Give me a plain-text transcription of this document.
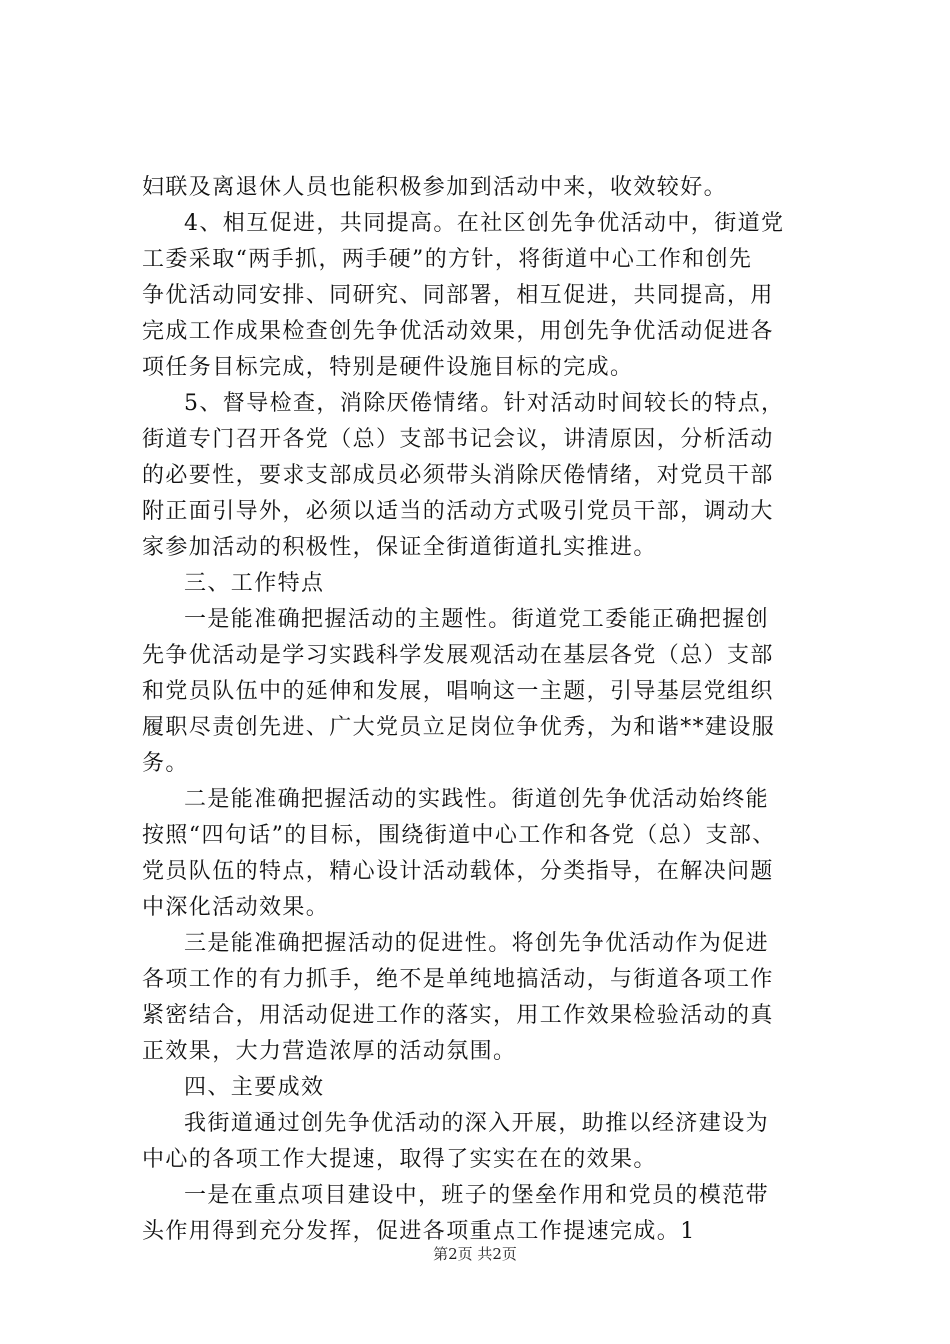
妇联及离退休人员也能积极参加到活动中来，收效较好。
4、相互促进，共同提高。在社区创先争优活动中，街道党
工委采取“两手抓，两手硬”的方针，将街道中心工作和创先
争优活动同安排、同研究、同部署，相互促进，共同提高，用
完成工作成果检查创先争优活动效果，用创先争优活动促进各
项任务目标完成，特别是硬件设施目标的完成。
5、督导检查，消除厌倦情绪。针对活动时间较长的特点，
街道专门召开各党（总）支部书记会议，讲清原因，分析活动
的必要性，要求支部成员必须带头消除厌倦情绪，对党员干部
附正面引导外，必须以适当的活动方式吸引党员干部，调动大
家参加活动的积极性，保证全街道街道扎实推进。
三、工作特点
一是能准确把握活动的主题性。街道党工委能正确把握创
先争优活动是学习实践科学发展观活动在基层各党（总）支部
和党员队伍中的延伸和发展，唱响这一主题，引导基层党组织
履职尽责创先进、广大党员立足岗位争优秀，为和谐**建设服
务。
二是能准确把握活动的实践性。街道创先争优活动始终能
按照“四句话”的目标，围绕街道中心工作和各党（总）支部、
党员队伍的特点，精心设计活动载体，分类指导，在解决问题
中深化活动效果。
三是能准确把握活动的促进性。将创先争优活动作为促进
各项工作的有力抓手，绝不是单纯地搞活动，与街道各项工作
紧密结合，用活动促进工作的落实，用工作效果检验活动的真
正效果，大力营造浓厚的活动氛围。
四、主要成效
我街道通过创先争优活动的深入开展，助推以经济建设为
中心的各项工作大提速，取得了实实在在的效果。
一是在重点项目建设中，班子的堡垒作用和党员的模范带
头作用得到充分发挥，促进各项重点工作提速完成。1
第2页 共2页
